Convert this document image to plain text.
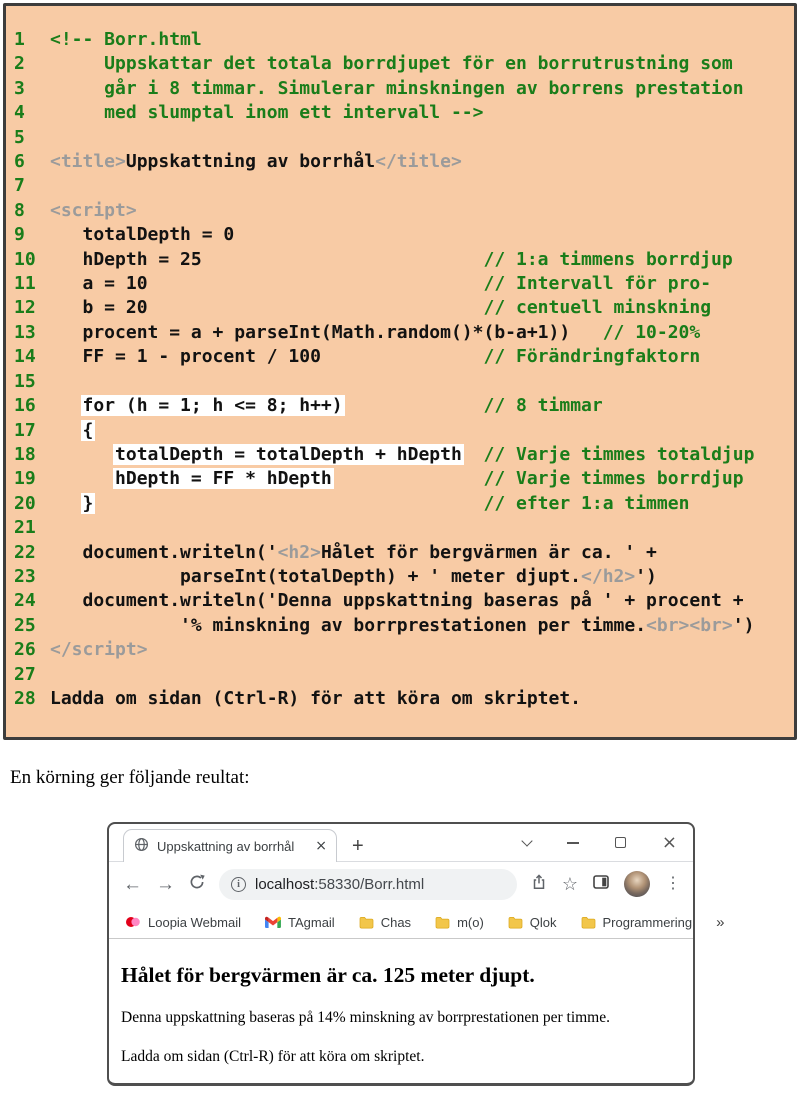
1	<!-- Borr.html
2	Uppskattar det totala borrdjupet för en borrutrustning som
3	går i 8 timmar. Simulerar minskningen av borrens prestation
4	med slumptal inom ett intervall -->
5

6	<title>Uppskattning av borrhål</title>
7

8	<script>
9	totalDepth = 0
10 hDepth = 25	// 1:a timmens borrdjup
11 a = 10	// Intervall för pro-
12 b = 20	// centuell minskning
13 procent = a + parseInt(Math.random()*(b-a+1)) // 10-20%
14 FF = 1 - procent / 100	// Förändringfaktorn
15

16	for (h = 1; h <= 8; h++)	// 8 timmar
17	{
18	totalDepth = totalDepth + hDepth // Varje timmes totaldjup
19	hDepth = FF * hDepth	// Varje timmes borrdjup
20	}	// efter 1:a timmen
21

22 document.writeln('<h2>Hålet för bergvärmen är ca. ' +
23 parseInt(totalDepth) + ' meter djupt.</h2>')
24 document.writeln('Denna uppskattning baseras på ' + procent +
25 '% minskning av borrprestationen per timme.<br><br>')
26 </script>
27

28 Ladda om sidan (Ctrl-R) för att köra om skriptet.

En körning ger följande reultat:

Uppskattning av borrhål	× +	×
← →	i	localhost:58330/Borr.html	☆	⋮
Loopia Webmail	TAgmail	Chas	m(o)	Qlok	Programmering »
Hålet för bergvärmen är ca. 125 meter djupt.

Denna uppskattning baseras på 14% minskning av borrprestationen per timme.

Ladda om sidan (Ctrl-R) för att köra om skriptet.
